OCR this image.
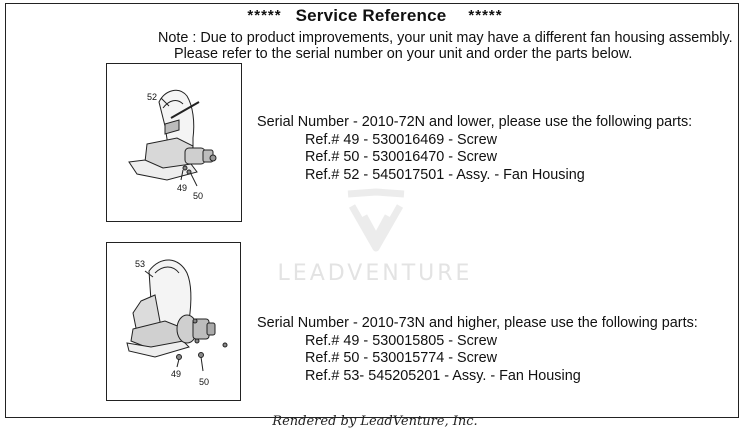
***** Service Reference *****
Note : Due to product improvements, your unit may have a different fan housing assembly.
Please refer to the serial number on your unit and order the parts below.
LEADVENTURE
52
49
50
53
49
50
Serial Number - 2010-72N and lower, please use the following parts:
Ref.# 49 - 530016469 - Screw
Ref.# 50 - 530016470 - Screw
Ref.# 52 - 545017501 - Assy. - Fan Housing
Serial Number - 2010-73N and higher, please use the following parts:
Ref.# 49 - 530015805 - Screw
Ref.# 50 - 530015774 - Screw
Ref.# 53- 545205201 - Assy. - Fan Housing
Rendered by LeadVenture, Inc.
